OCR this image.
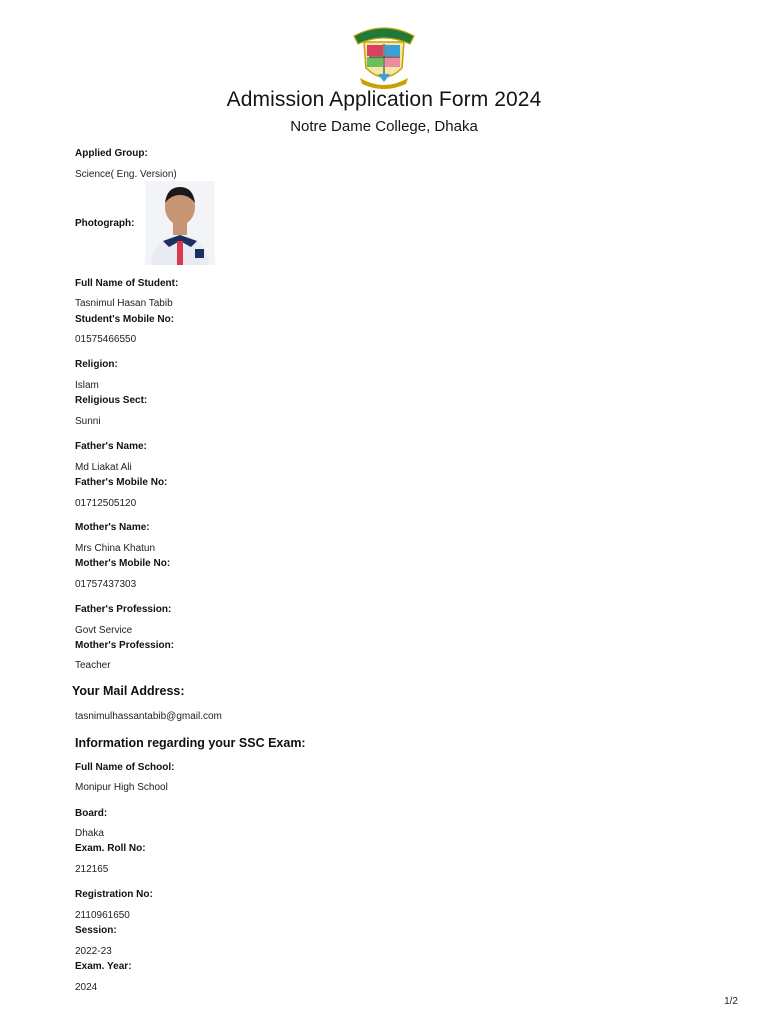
Admission Application Form 2024
Notre Dame College, Dhaka
Applied Group:
Science( Eng. Version)
Photograph:
Full Name of Student:
Tasnimul Hasan Tabib
Student's Mobile No:
01575466550
Religion:
Islam
Religious Sect:
Sunni
Father's Name:
Md Liakat Ali
Father's Mobile No:
01712505120
Mother's Name:
Mrs China Khatun
Mother's Mobile No:
01757437303
Father's Profession:
Govt Service
Mother's Profession:
Teacher
Your Mail Address:
tasnimulhassantabib@gmail.com
Information regarding your SSC Exam:
Full Name of School:
Monipur High School
Board:
Dhaka
Exam. Roll No:
212165
Registration No:
2110961650
Session:
2022-23
Exam. Year:
2024
1/2
